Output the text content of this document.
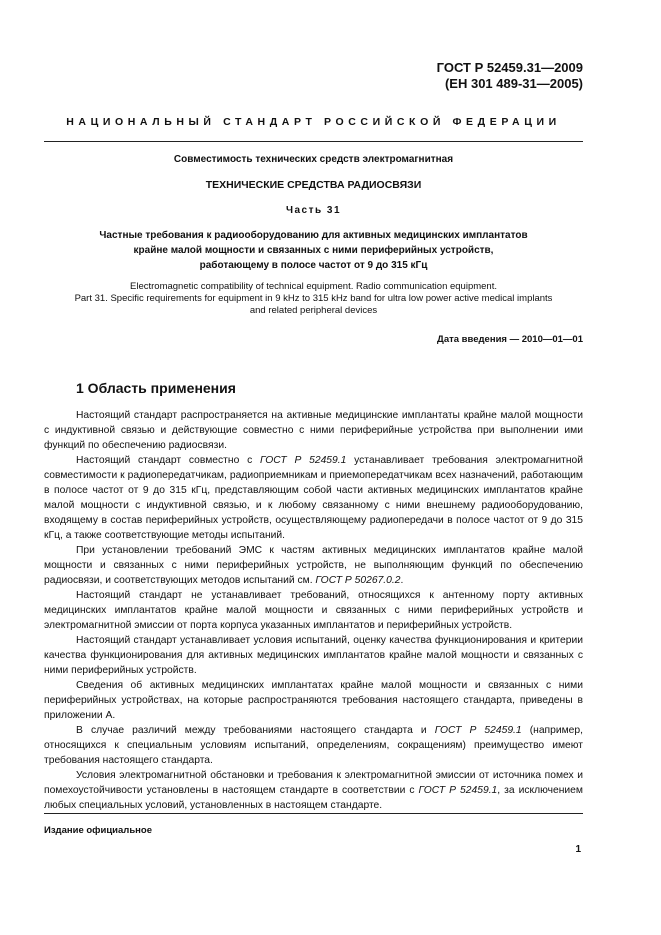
ГОСТ Р 52459.31—2009
(ЕН 301 489-31—2005)
НАЦИОНАЛЬНЫЙ СТАНДАРТ РОССИЙСКОЙ ФЕДЕРАЦИИ
Совместимость технических средств электромагнитная
ТЕХНИЧЕСКИЕ СРЕДСТВА РАДИОСВЯЗИ
Часть 31
Частные требования к радиооборудованию для активных медицинских имплантатов
крайне малой мощности и связанных с ними периферийных устройств,
работающему в полосе частот от 9 до 315 кГц
Electromagnetic compatibility of technical equipment. Radio communication equipment.
Part 31. Specific requirements for equipment in 9 kHz to 315 kHz band for ultra low power active medical implants
and related peripheral devices
Дата введения — 2010—01—01
1 Область применения

Настоящий стандарт распространяется на активные медицинские имплантаты крайне малой мощности с индуктивной связью и действующие совместно с ними периферийные устройства при выполнении ими функций по обеспечению радиосвязи.

Настоящий стандарт совместно с ГОСТ Р 52459.1 устанавливает требования электромагнитной совместимости к радиопередатчикам, радиоприемникам и приемопередатчикам всех назначений, работающим в полосе частот от 9 до 315 кГц, представляющим собой части активных медицинских имплантатов крайне малой мощности с индуктивной связью, и к любому связанному с ними внешнему радиооборудованию, входящему в состав периферийных устройств, осуществляющему радиопередачи в полосе частот от 9 до 315 кГц, а также соответствующие методы испытаний.

При установлении требований ЭМС к частям активных медицинских имплантатов крайне малой мощности и связанных с ними периферийных устройств, не выполняющим функций по обеспечению радиосвязи, и соответствующих методов испытаний см. ГОСТ Р 50267.0.2.

Настоящий стандарт не устанавливает требований, относящихся к антенному порту активных медицинских имплантатов крайне малой мощности и связанных с ними периферийных устройств и электромагнитной эмиссии от порта корпуса указанных имплантатов и периферийных устройств.

Настоящий стандарт устанавливает условия испытаний, оценку качества функционирования и критерии качества функционирования для активных медицинских имплантатов крайне малой мощности и связанных с ними периферийных устройств.

Сведения об активных медицинских имплантатах крайне малой мощности и связанных с ними периферийных устройствах, на которые распространяются требования настоящего стандарта, приведены в приложении А.

В случае различий между требованиями настоящего стандарта и ГОСТ Р 52459.1 (например, относящихся к специальным условиям испытаний, определениям, сокращениям) преимущество имеют требования настоящего стандарта.

Условия электромагнитной обстановки и требования к электромагнитной эмиссии от источника помех и помехоустойчивости установлены в настоящем стандарте в соответствии с ГОСТ Р 52459.1, за исключением любых специальных условий, установленных в настоящем стандарте.

Издание официальное
1
